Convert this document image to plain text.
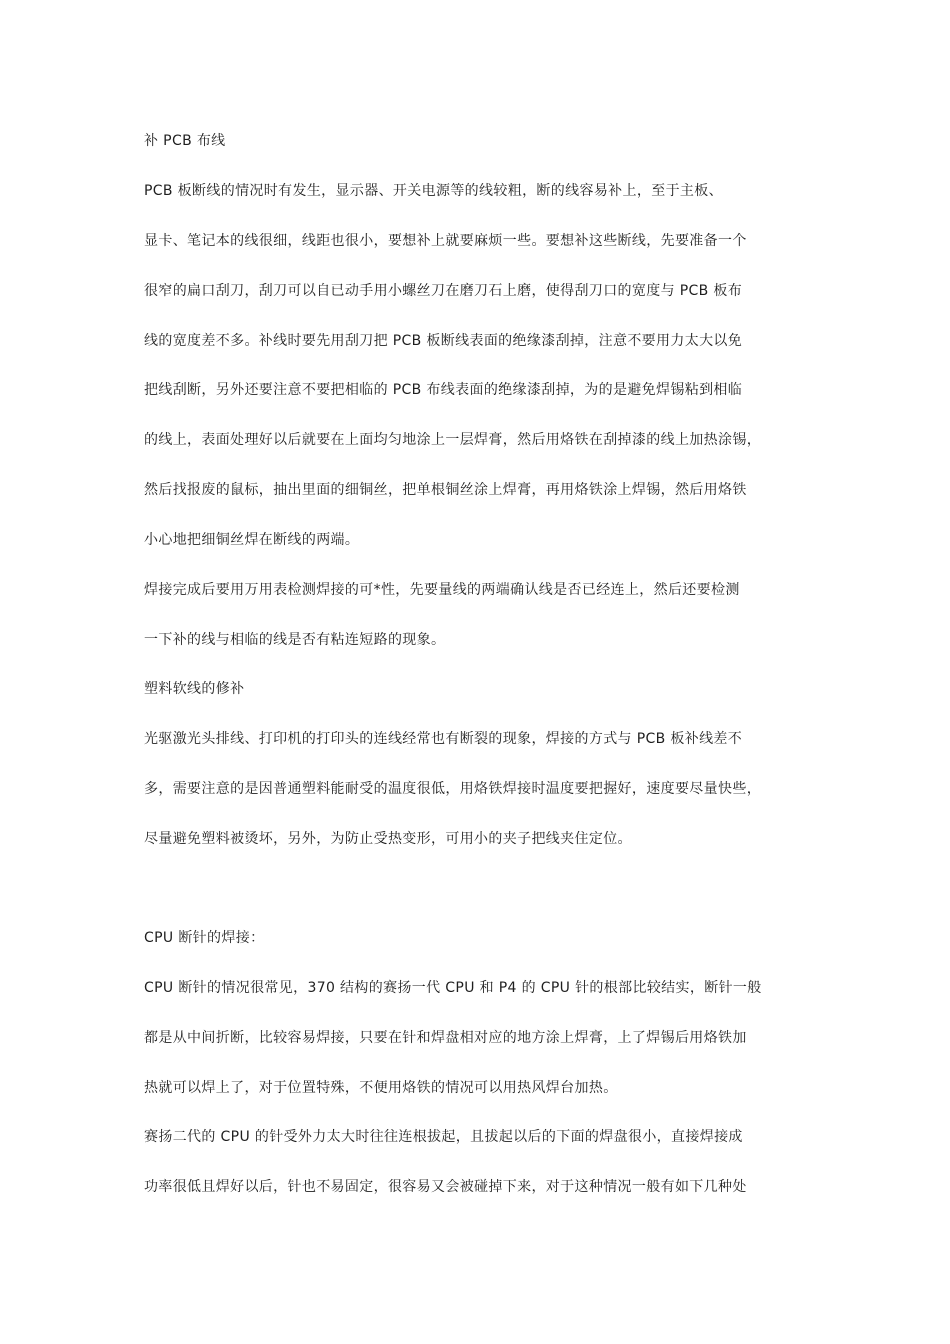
补 PCB 布线
PCB 板断线的情况时有发生，显示器、开关电源等的线较粗，断的线容易补上，至于主板、
显卡、笔记本的线很细，线距也很小，要想补上就要麻烦一些。要想补这些断线，先要准备一个
很窄的扁口刮刀，刮刀可以自已动手用小螺丝刀在磨刀石上磨，使得刮刀口的宽度与 PCB 板布
线的宽度差不多。补线时要先用刮刀把 PCB 板断线表面的绝缘漆刮掉，注意不要用力太大以免
把线刮断，另外还要注意不要把相临的 PCB 布线表面的绝缘漆刮掉，为的是避免焊锡粘到相临
的线上，表面处理好以后就要在上面均匀地涂上一层焊膏，然后用烙铁在刮掉漆的线上加热涂锡，
然后找报废的鼠标，抽出里面的细铜丝，把单根铜丝涂上焊膏，再用烙铁涂上焊锡，然后用烙铁
小心地把细铜丝焊在断线的两端。
焊接完成后要用万用表检测焊接的可*性，先要量线的两端确认线是否已经连上，然后还要检测
一下补的线与相临的线是否有粘连短路的现象。
塑料软线的修补
光驱激光头排线、打印机的打印头的连线经常也有断裂的现象，焊接的方式与 PCB 板补线差不
多，需要注意的是因普通塑料能耐受的温度很低，用烙铁焊接时温度要把握好，速度要尽量快些，
尽量避免塑料被烫坏，另外，为防止受热变形，可用小的夹子把线夹住定位。
CPU 断针的焊接：
CPU 断针的情况很常见，370 结构的赛扬一代 CPU 和 P4 的 CPU 针的根部比较结实，断针一般
都是从中间折断，比较容易焊接，只要在针和焊盘相对应的地方涂上焊膏，上了焊锡后用烙铁加
热就可以焊上了，对于位置特殊，不便用烙铁的情况可以用热风焊台加热。
赛扬二代的 CPU 的针受外力太大时往往连根拔起，且拔起以后的下面的焊盘很小，直接焊接成
功率很低且焊好以后，针也不易固定，很容易又会被碰掉下来，对于这种情况一般有如下几种处
